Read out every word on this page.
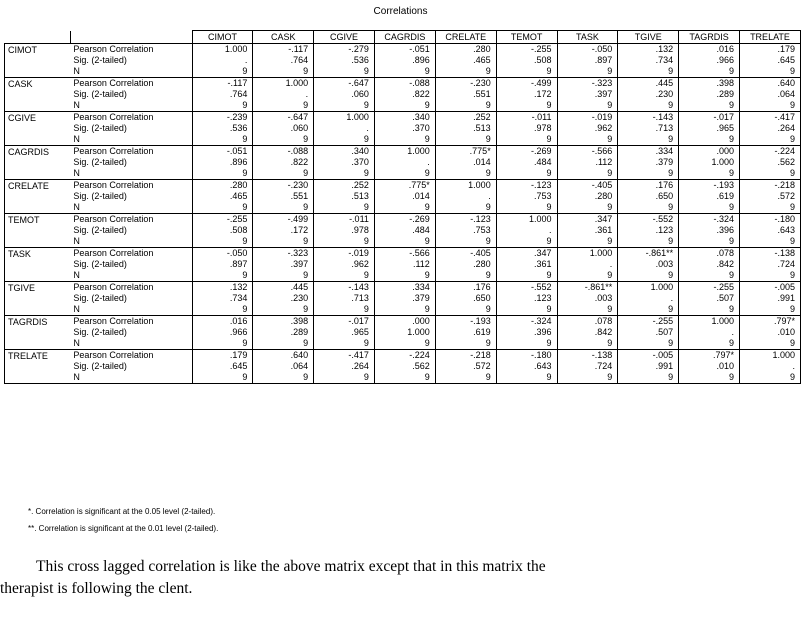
Correlations
		CIMOT	CASK	CGIVE	CAGRDIS	CRELATE	TEMOT	TASK	TGIVE	TAGRDIS	TRELATE
CIMOT	Pearson Correlation	1.000	-.117	-.279	-.051	.280	-.255	-.050	.132	.016	.179
	Sig. (2-tailed)	.	.764	.536	.896	.465	.508	.897	.734	.966	.645
	N	9	9	9	9	9	9	9	9	9	9
CASK	Pearson Correlation	-.117	1.000	-.647	-.088	-.230	-.499	-.323	.445	.398	.640
	Sig. (2-tailed)	.764	.	.060	.822	.551	.172	.397	.230	.289	.064
	N	9	9	9	9	9	9	9	9	9	9
CGIVE	Pearson Correlation	-.239	-.647	1.000	.340	.252	-.011	-.019	-.143	-.017	-.417
	Sig. (2-tailed)	.536	.060	.	.370	.513	.978	.962	.713	.965	.264
	N	9	9	9	9	9	9	9	9	9	9
CAGRDIS	Pearson Correlation	-.051	-.088	.340	1.000	.775*	-.269	-.566	.334	.000	-.224
	Sig. (2-tailed)	.896	.822	.370	.	.014	.484	.112	.379	1.000	.562
	N	9	9	9	9	9	9	9	9	9	9
CRELATE	Pearson Correlation	.280	-.230	.252	.775*	1.000	-.123	-.405	.176	-.193	-.218
	Sig. (2-tailed)	.465	.551	.513	.014	.	.753	.280	.650	.619	.572
	N	9	9	9	9	9	9	9	9	9	9
TEMOT	Pearson Correlation	-.255	-.499	-.011	-.269	-.123	1.000	.347	-.552	-.324	-.180
	Sig. (2-tailed)	.508	.172	.978	.484	.753	.	.361	.123	.396	.643
	N	9	9	9	9	9	9	9	9	9	9
TASK	Pearson Correlation	-.050	-.323	-.019	-.566	-.405	.347	1.000	-.861**	.078	-.138
	Sig. (2-tailed)	.897	.397	.962	.112	.280	.361	.	.003	.842	.724
	N	9	9	9	9	9	9	9	9	9	9
TGIVE	Pearson Correlation	.132	.445	-.143	.334	.176	-.552	-.861**	1.000	-.255	-.005
	Sig. (2-tailed)	.734	.230	.713	.379	.650	.123	.003	.	.507	.991
	N	9	9	9	9	9	9	9	9	9	9
TAGRDIS	Pearson Correlation	.016	.398	-.017	.000	-.193	-.324	.078	-.255	1.000	.797*
	Sig. (2-tailed)	.966	.289	.965	1.000	.619	.396	.842	.507	.	.010
	N	9	9	9	9	9	9	9	9	9	9
TRELATE	Pearson Correlation	.179	.640	-.417	-.224	-.218	-.180	-.138	-.005	.797*	1.000
	Sig. (2-tailed)	.645	.064	.264	.562	.572	.643	.724	.991	.010	.
	N	9	9	9	9	9	9	9	9	9	9
*. Correlation is significant at the 0.05 level (2-tailed).
**. Correlation is significant at the 0.01 level (2-tailed).
This cross lagged correlation is like the above matrix except that in this matrix the
therapist is following the clent.
